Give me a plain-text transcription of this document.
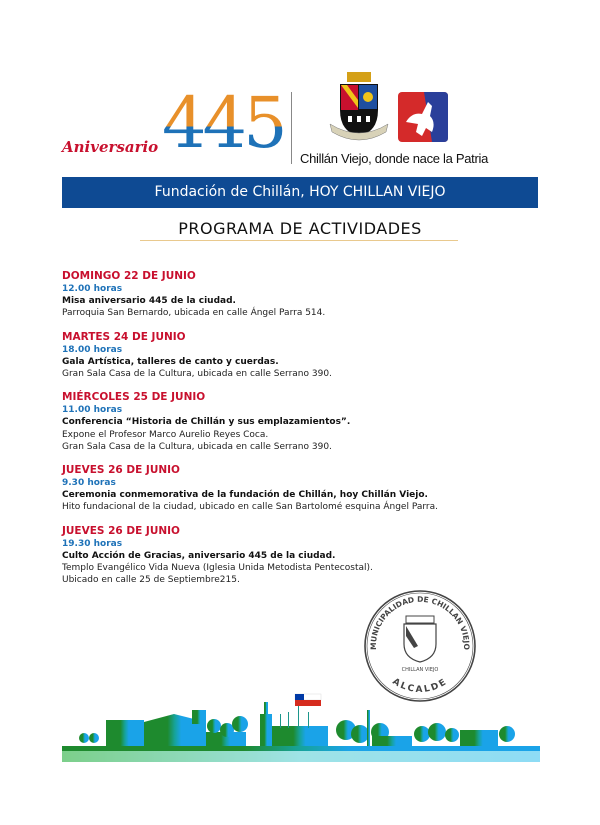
Aniversario 445 Chillán Viejo, donde nace la Patria
Fundación de Chillán, HOY CHILLAN VIEJO
PROGRAMA DE ACTIVIDADES
DOMINGO 22 DE JUNIO
12.00 horas
Misa aniversario 445 de la ciudad.
Parroquia San Bernardo, ubicada en calle Ángel Parra 514.
MARTES 24 DE JUNIO
18.00 horas
Gala Artística, talleres de canto y cuerdas.
Gran Sala Casa de la Cultura, ubicada en calle Serrano 390.
MIÉRCOLES 25 DE JUNIO
11.00 horas
Conferencia “Historia de Chillán y sus emplazamientos”.
Expone el Profesor Marco Aurelio Reyes Coca.
Gran Sala Casa de la Cultura, ubicada en calle Serrano 390.
JUEVES 26 DE JUNIO
9.30 horas
Ceremonia conmemorativa de la fundación de Chillán, hoy Chillán Viejo.
Hito fundacional de la ciudad, ubicado en calle San Bartolomé esquina Ángel Parra.
JUEVES 26 DE JUNIO
19.30 horas
Culto Acción de Gracias, aniversario 445 de la ciudad.
Templo Evangélico Vida Nueva (Iglesia Unida Metodista Pentecostal).
Ubicado en calle 25 de Septiembre215.
MUNICIPALIDAD DE CHILLAN VIEJO
ALCALDE
CHILLAN VIEJO
